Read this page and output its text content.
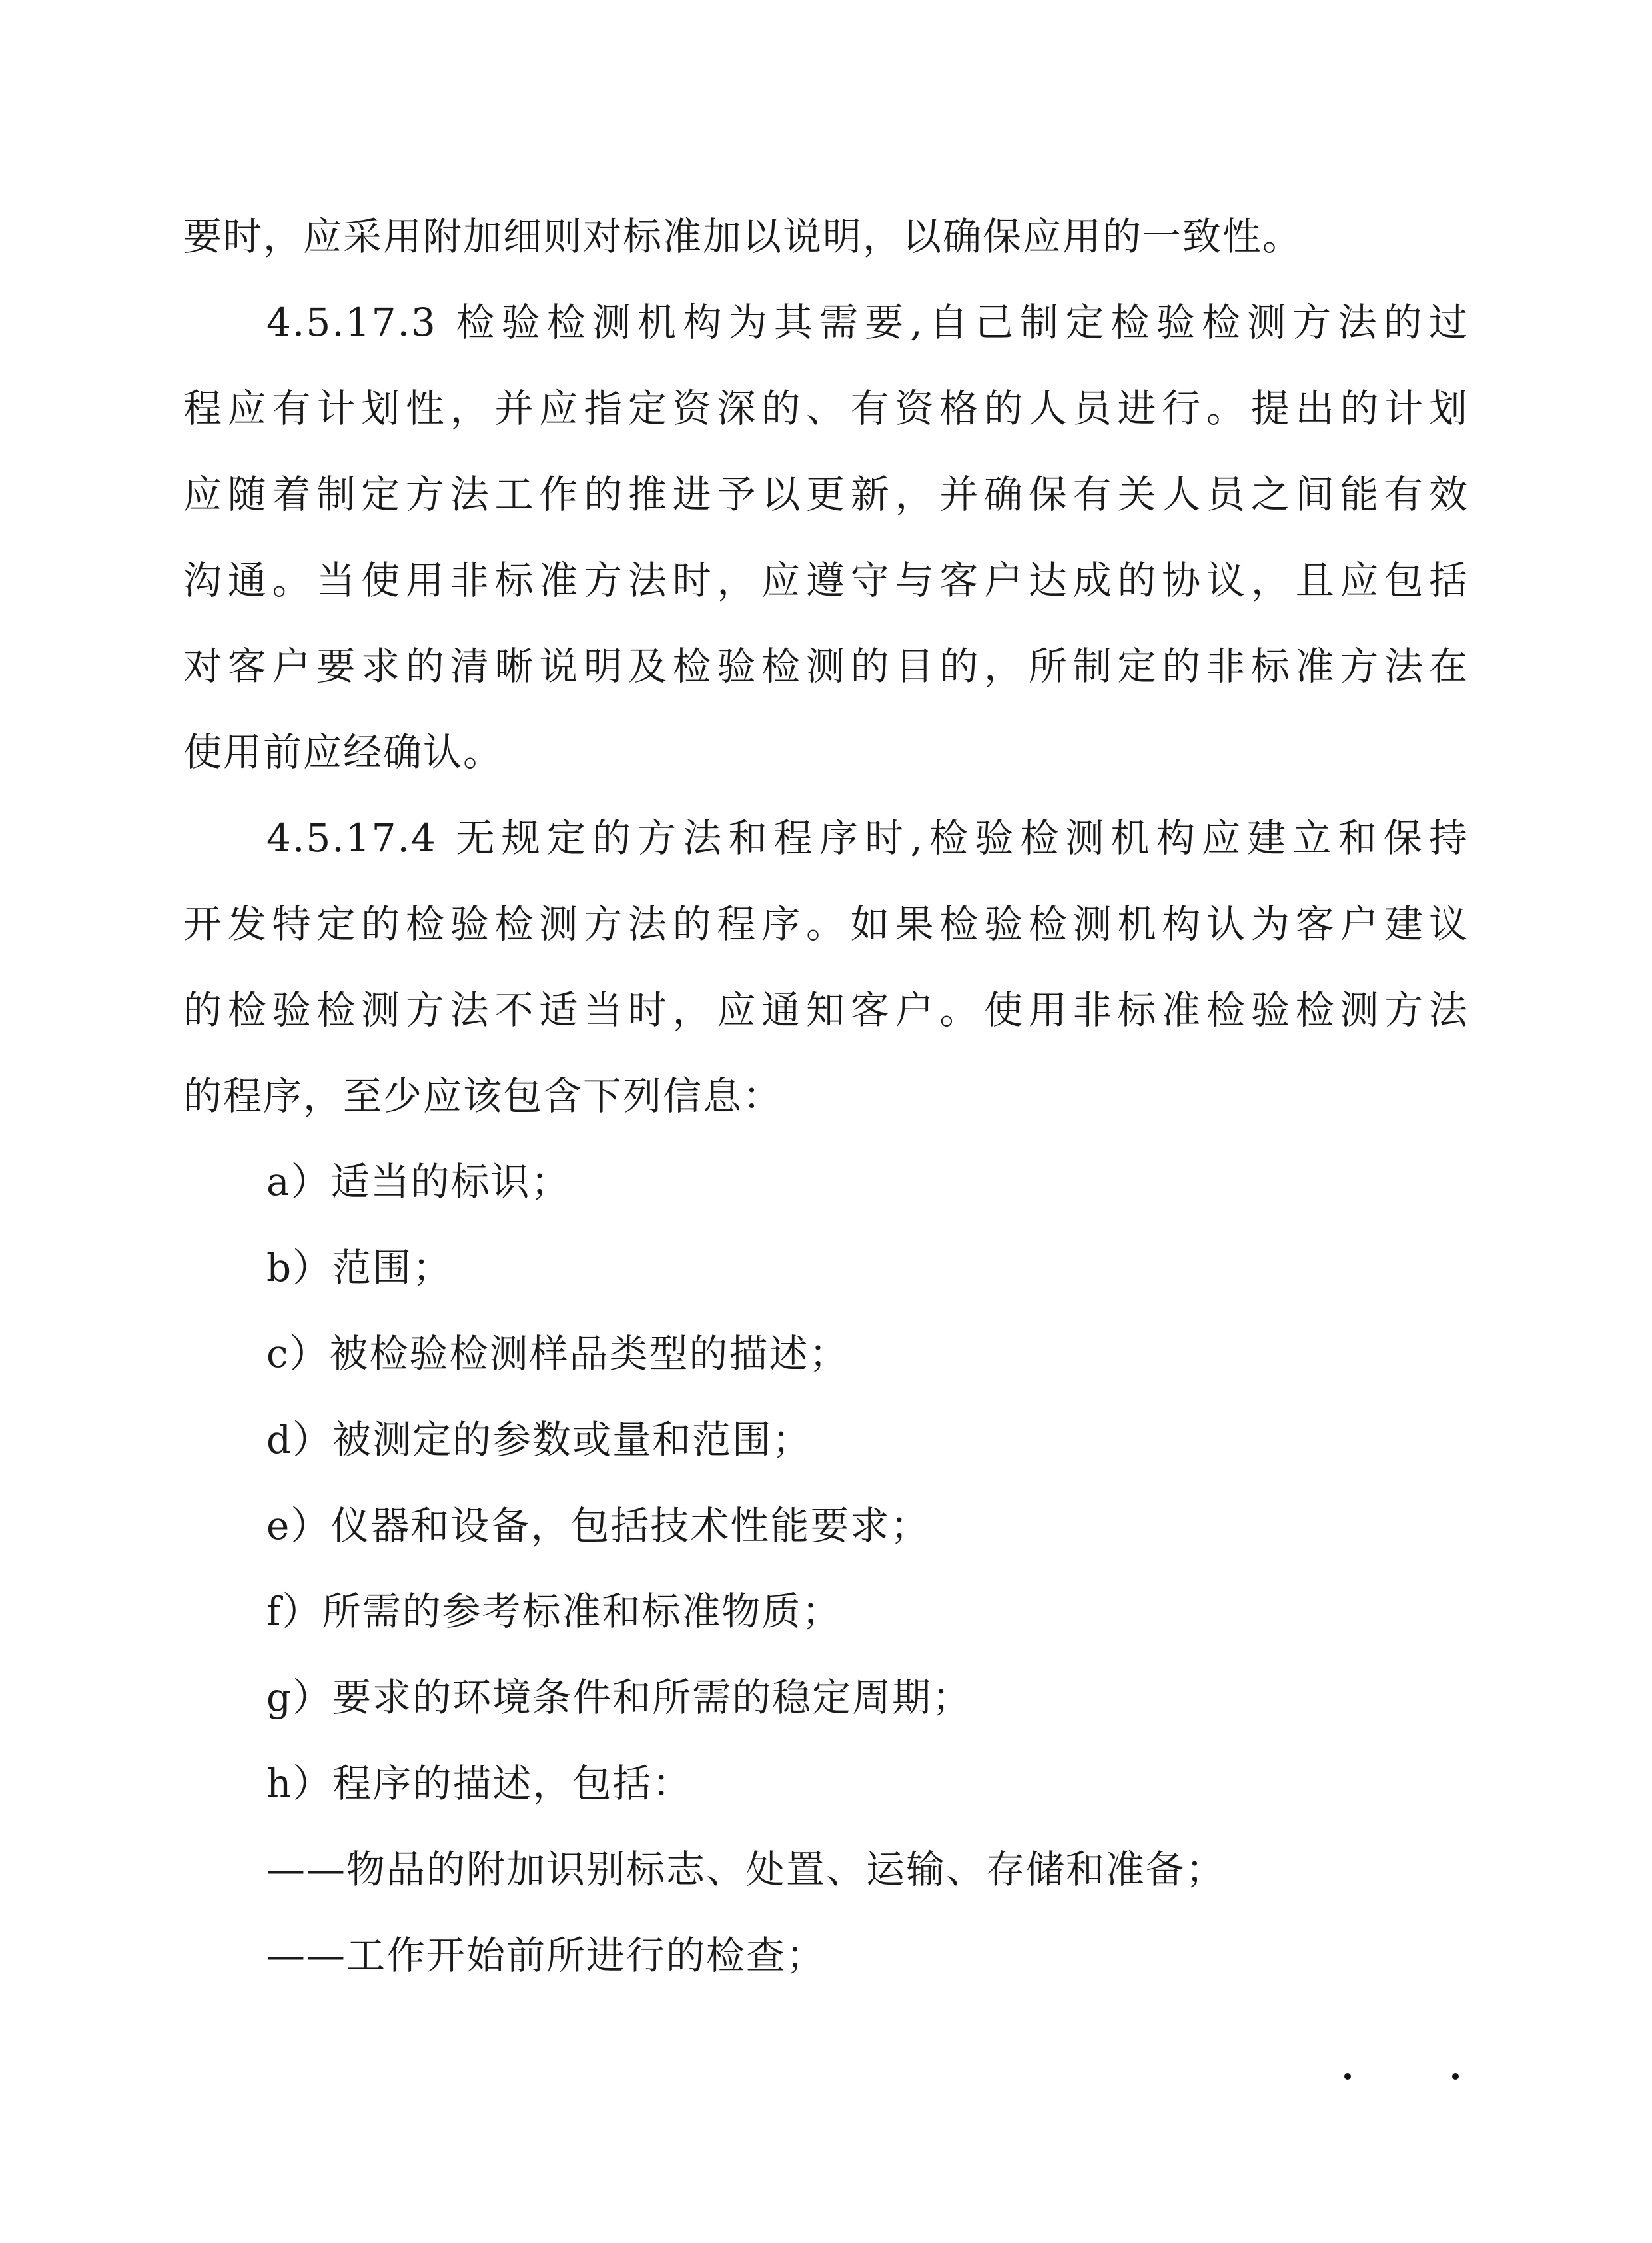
要时，应采用附加细则对标准加以说明，以确保应用的一致性。
4.5.17.3 检验检测机构为其需要,自己制定检验检测方法的过
程应有计划性，并应指定资深的、有资格的人员进行。提出的计划
应随着制定方法工作的推进予以更新，并确保有关人员之间能有效
沟通。当使用非标准方法时，应遵守与客户达成的协议，且应包括
对客户要求的清晰说明及检验检测的目的，所制定的非标准方法在
使用前应经确认。
4.5.17.4 无规定的方法和程序时,检验检测机构应建立和保持
开发特定的检验检测方法的程序。如果检验检测机构认为客户建议
的检验检测方法不适当时，应通知客户。使用非标准检验检测方法
的程序，至少应该包含下列信息：
a）适当的标识；
b）范围；
c）被检验检测样品类型的描述；
d）被测定的参数或量和范围；
e）仪器和设备，包括技术性能要求；
f）所需的参考标准和标准物质；
g）要求的环境条件和所需的稳定周期；
h）程序的描述，包括：
——物品的附加识别标志、处置、运输、存储和准备；
——工作开始前所进行的检查；
